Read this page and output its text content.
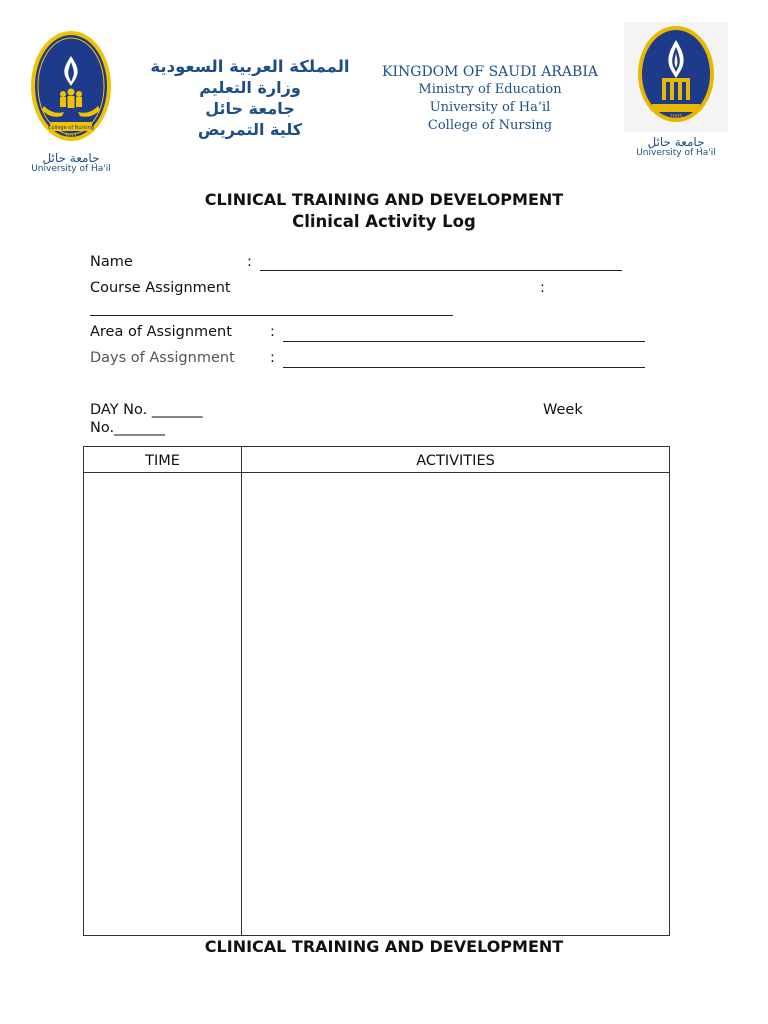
College of Nursing
2011
جامعة حائل
University of Ha'il
المملكة العربية السعودية
وزارة التعليم
جامعة حائل
كلية التمريض
KINGDOM OF SAUDI ARABIA
Ministry of Education
University of Ha’il
College of Nursing
2005
جامعة حائل
University of Ha'il
CLINICAL TRAINING AND DEVELOPMENT
Clinical Activity Log
Name	:
Course Assignment	:
Area of Assignment	:
Days of Assignment :
DAY No. _______	Week
No._______
TIME	ACTIVITIES
CLINICAL TRAINING AND DEVELOPMENT
